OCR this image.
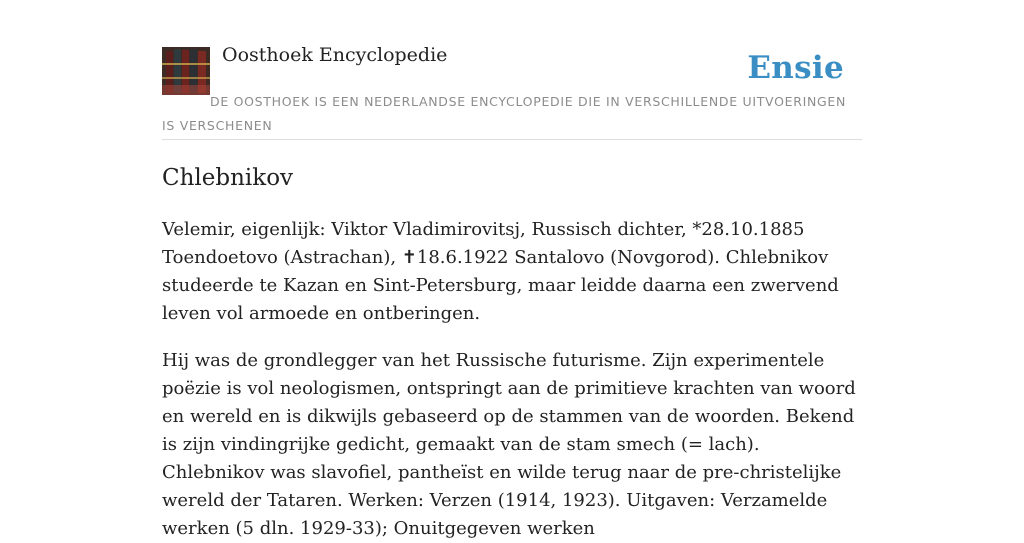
Oosthoek Encyclopedie	Ensie
DE OOSTHOEK IS EEN NEDERLANDSE ENCYCLOPEDIE DIE IN VERSCHILLENDE UITVOERINGEN IS VERSCHENEN
Chlebnikov

Velemir, eigenlijk: Viktor Vladimirovitsj, Russisch dichter, *28.10.1885 Toendoetovo (Astrachan), ✝18.6.1922 Santalovo (Novgorod). Chlebnikov studeerde te Kazan en Sint-Petersburg, maar leidde daarna een zwervend leven vol armoede en ontberingen.

Hij was de grondlegger van het Russische futurisme. Zijn experimentele poëzie is vol neologismen, ontspringt aan de primitieve krachten van woord en wereld en is dikwijls gebaseerd op de stammen van de woorden. Bekend is zijn vindingrijke gedicht, gemaakt van de stam smech (= lach). Chlebnikov was slavofiel, pantheïst en wilde terug naar de pre-christelijke wereld der Tataren. Werken: Verzen (1914, 1923). Uitgaven: Verzamelde werken (5 dln. 1929-33); Onuitgegeven werken
